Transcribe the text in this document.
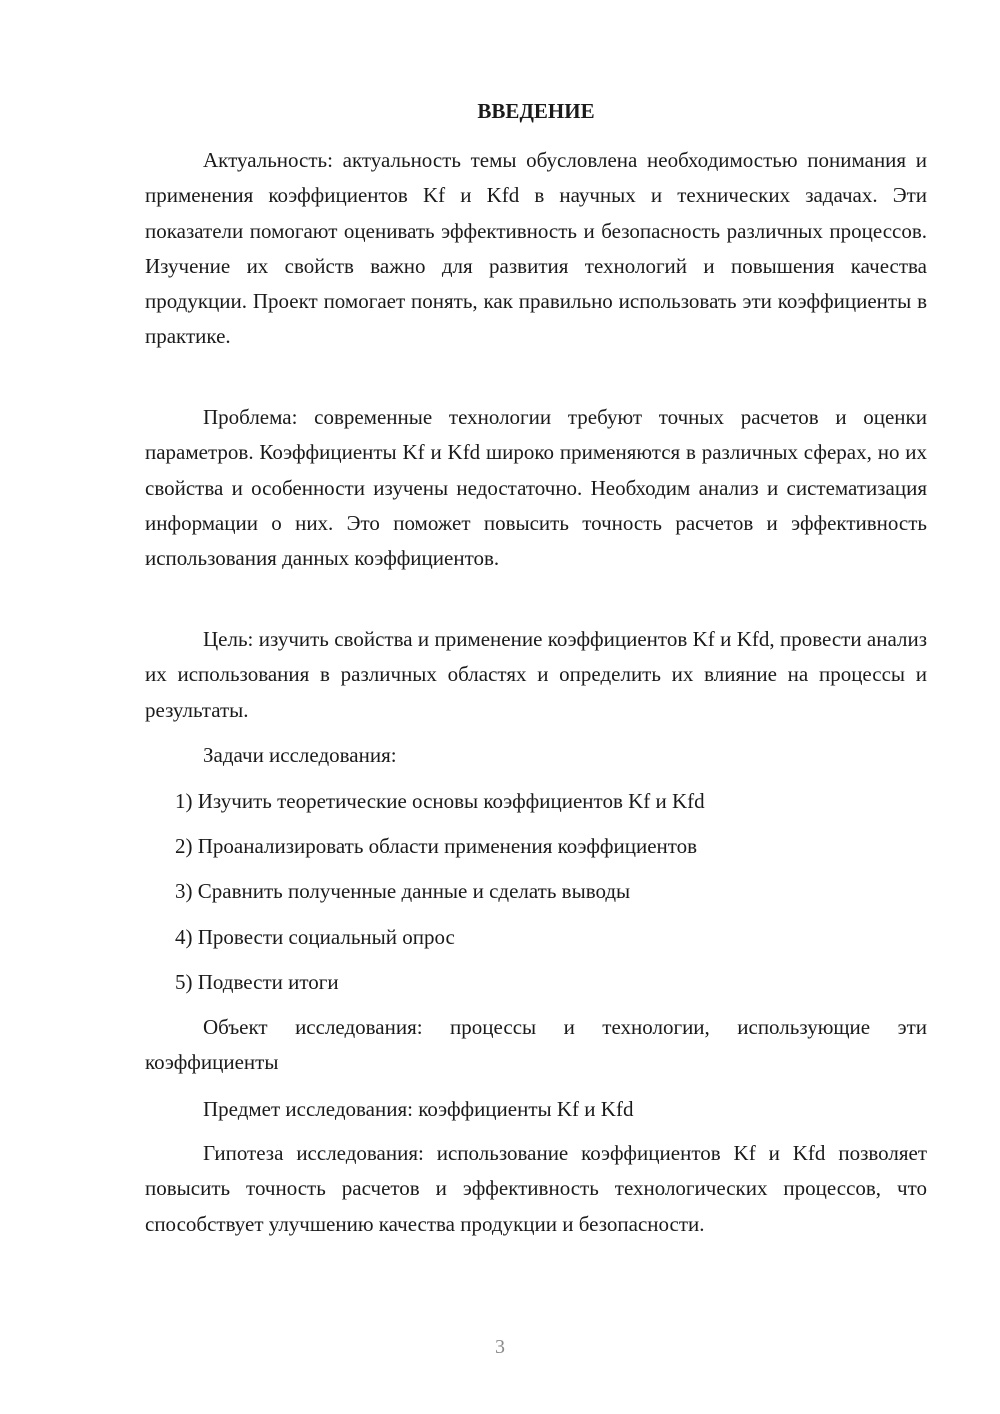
ВВЕДЕНИЕ

Актуальность: актуальность темы обусловлена необходимостью понимания и применения коэффициентов Kf и Kfd в научных и технических задачах. Эти показатели помогают оценивать эффективность и безопасность различных процессов. Изучение их свойств важно для развития технологий и повышения качества продукции. Проект помогает понять, как правильно использовать эти коэффициенты в практике.

Проблема: современные технологии требуют точных расчетов и оценки параметров. Коэффициенты Kf и Kfd широко применяются в различных сферах, но их свойства и особенности изучены недостаточно. Необходим анализ и систематизация информации о них. Это поможет повысить точность расчетов и эффективность использования данных коэффициентов.

Цель: изучить свойства и применение коэффициентов Kf и Kfd, провести анализ их использования в различных областях и определить их влияние на процессы и результаты.

Задачи исследования:

1) Изучить теоретические основы коэффициентов Kf и Kfd

2) Проанализировать области применения коэффициентов

3) Сравнить полученные данные и сделать выводы

4) Провести социальный опрос

5) Подвести итоги

Объект исследования: процессы и технологии, использующие эти коэффициенты

Предмет исследования: коэффициенты Kf и Kfd

Гипотеза исследования: использование коэффициентов Kf и Kfd позволяет повысить точность расчетов и эффективность технологических процессов, что способствует улучшению качества продукции и безопасности.

3
